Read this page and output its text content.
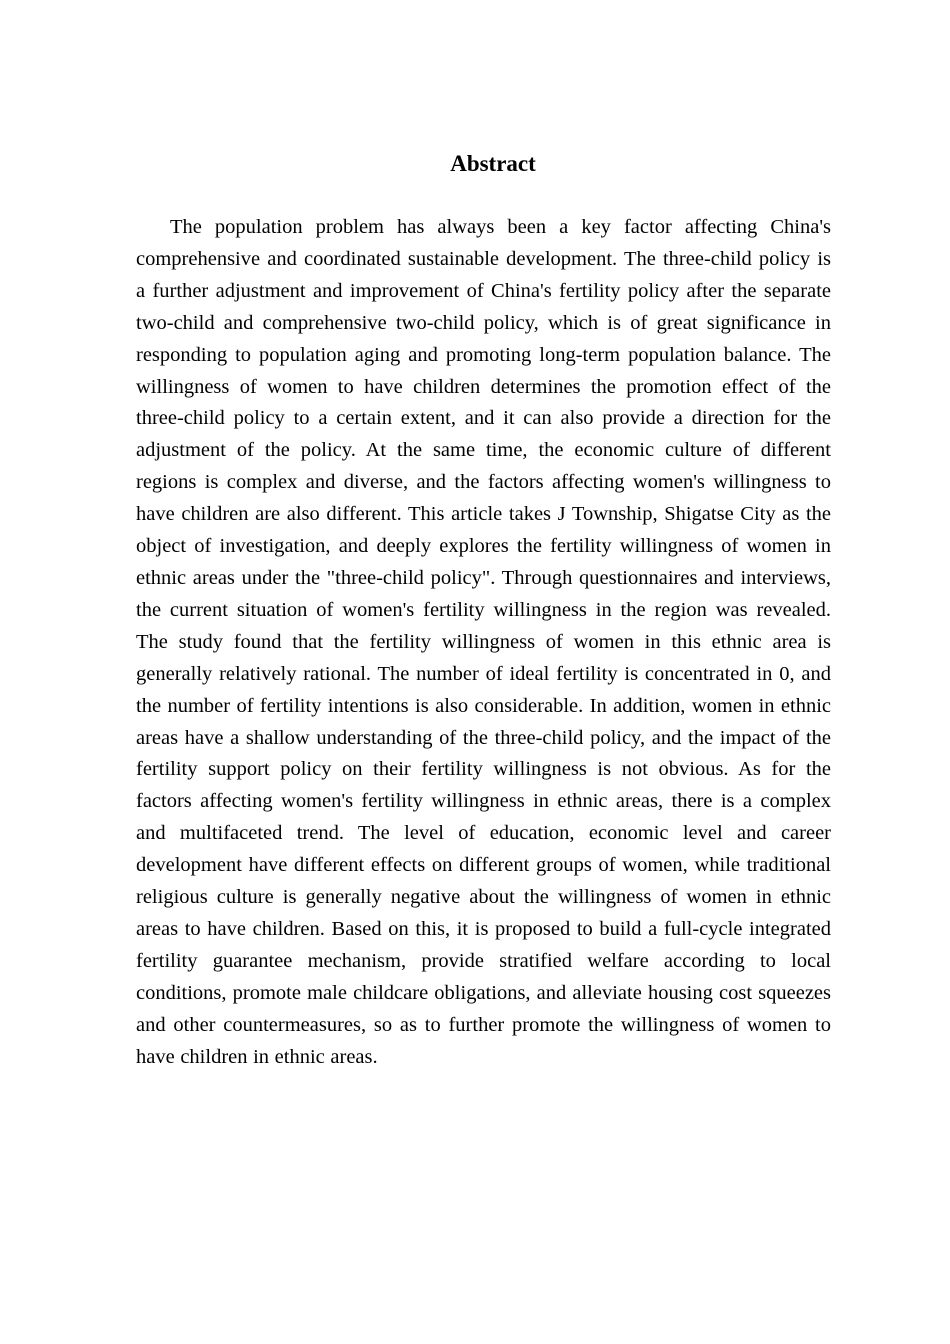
Abstract

The population problem has always been a key factor affecting China's comprehensive and coordinated sustainable development. The three-child policy is a further adjustment and improvement of China's fertility policy after the separate two-child and comprehensive two-child policy, which is of great significance in responding to population aging and promoting long-term population balance. The willingness of women to have children determines the promotion effect of the three-child policy to a certain extent, and it can also provide a direction for the adjustment of the policy. At the same time, the economic culture of different regions is complex and diverse, and the factors affecting women's willingness to have children are also different. This article takes J Township, Shigatse City as the object of investigation, and deeply explores the fertility willingness of women in ethnic areas under the "three-child policy". Through questionnaires and interviews, the current situation of women's fertility willingness in the region was revealed. The study found that the fertility willingness of women in this ethnic area is generally relatively rational. The number of ideal fertility is concentrated in 0, and the number of fertility intentions is also considerable. In addition, women in ethnic areas have a shallow understanding of the three-child policy, and the impact of the fertility support policy on their fertility willingness is not obvious. As for the factors affecting women's fertility willingness in ethnic areas, there is a complex and multifaceted trend. The level of education, economic level and career development have different effects on different groups of women, while traditional religious culture is generally negative about the willingness of women in ethnic areas to have children. Based on this, it is proposed to build a full-cycle integrated fertility guarantee mechanism, provide stratified welfare according to local conditions, promote male childcare obligations, and alleviate housing cost squeezes and other countermeasures, so as to further promote the willingness of women to have children in ethnic areas.
